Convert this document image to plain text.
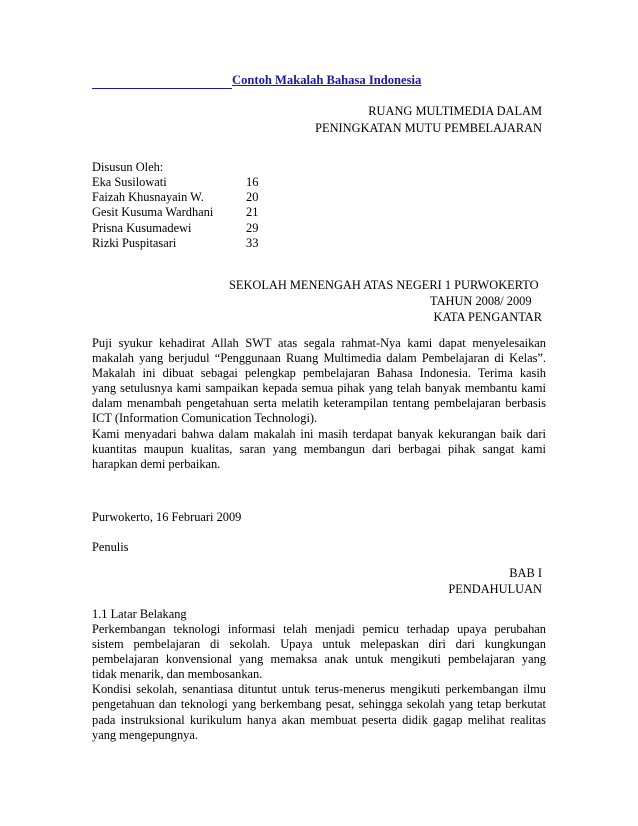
Contoh Makalah Bahasa Indonesia
RUANG MULTIMEDIA DALAM
PENINGKATAN MUTU PEMBELAJARAN
Disusun Oleh:
Eka Susilowati	16
Faizah Khusnayain W.	20
Gesit Kusuma Wardhani	21
Prisna Kusumadewi	29
Rizki Puspitasari	33
SEKOLAH MENENGAH ATAS NEGERI 1 PURWOKERTO
TAHUN 2008/ 2009
KATA PENGANTAR
Puji syukur kehadirat Allah SWT atas segala rahmat-Nya kami dapat menyelesaikan
makalah yang berjudul “Penggunaan Ruang Multimedia dalam Pembelajaran di Kelas”.
Makalah ini dibuat sebagai pelengkap pembelajaran Bahasa Indonesia. Terima kasih
yang setulusnya kami sampaikan kepada semua pihak yang telah banyak membantu kami
dalam menambah pengetahuan serta melatih keterampilan tentang pembelajaran berbasis
ICT (Information Comunication Technologi).
Kami menyadari bahwa dalam makalah ini masih terdapat banyak kekurangan baik dari
kuantitas maupun kualitas, saran yang membangun dari berbagai pihak sangat kami
harapkan demi perbaikan.
Purwokerto, 16 Februari 2009
Penulis
BAB I
PENDAHULUAN
1.1 Latar Belakang
Perkembangan teknologi informasi telah menjadi pemicu terhadap upaya perubahan
sistem pembelajaran di sekolah. Upaya untuk melepaskan diri dari kungkungan
pembelajaran konvensional yang memaksa anak untuk mengikuti pembelajaran yang
tidak menarik, dan membosankan.
Kondisi sekolah, senantiasa dituntut untuk terus-menerus mengikuti perkembangan ilmu
pengetahuan dan teknologi yang berkembang pesat, sehingga sekolah yang tetap berkutat
pada instruksional kurikulum hanya akan membuat peserta didik gagap melihat realitas
yang mengepungnya.
